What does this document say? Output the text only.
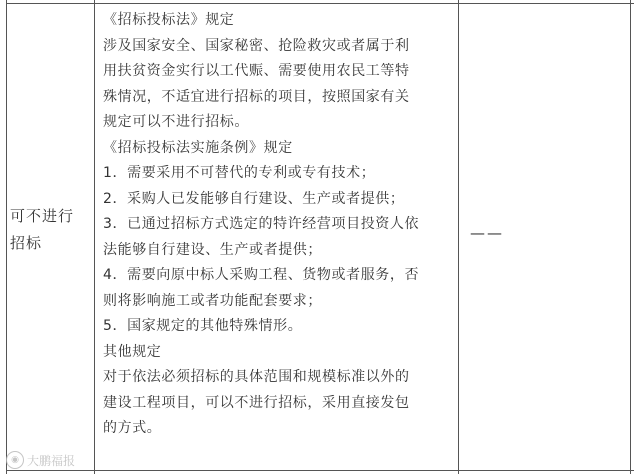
可不进行
招标
《招标投标法》规定
涉及国家安全、国家秘密、抢险救灾或者属于利
用扶贫资金实行以工代赈、需要使用农民工等特
殊情况，不适宜进行招标的项目，按照国家有关
规定可以不进行招标。
《招标投标法实施条例》规定
1．需要采用不可替代的专利或专有技术；
2．采购人已发能够自行建设、生产或者提供；
3．已通过招标方式选定的特许经营项目投资人依
法能够自行建设、生产或者提供；
4．需要向原中标人采购工程、货物或者服务，否
则将影响施工或者功能配套要求；
5．国家规定的其他特殊情形。
其他规定
对于依法必须招标的具体范围和规模标准以外的
建设工程项目，可以不进行招标，采用直接发包
的方式。
——
◉ 大鹏福报
